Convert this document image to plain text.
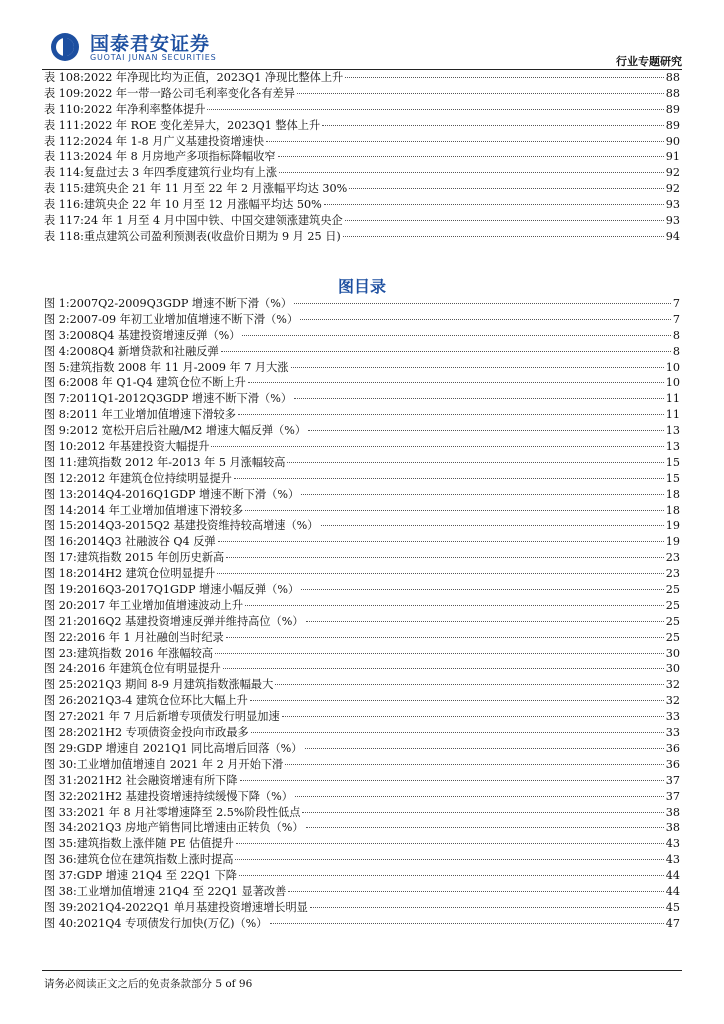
国泰君安证券
GUOTAI JUNAN SECURITIES	行业专题研究
表 108: 2022 年净现比均为正值，2023Q1 净现比整体上升	88
表 109: 2022 年一带一路公司毛利率变化各有差异	88
表 110: 2022 年净利率整体提升	89
表 111: 2022 年 ROE 变化差异大，2023Q1 整体上升	89
表 112: 2024 年 1-8 月广义基建投资增速快	90
表 113: 2024 年 8 月房地产多项指标降幅收窄	91
表 114: 复盘过去 3 年四季度建筑行业均有上涨	92
表 115: 建筑央企 21 年 11 月至 22 年 2 月涨幅平均达 30%	92
表 116: 建筑央企 22 年 10 月至 12 月涨幅平均达 50%	93
表 117: 24 年 1 月至 4 月中国中铁、中国交建领涨建筑央企	93
表 118: 重点建筑公司盈利预测表(收盘价日期为 9 月 25 日)	94
图目录
图 1: 2007Q2-2009Q3GDP 增速不断下滑（%）	7
图 2: 2007-09 年初工业增加值增速不断下滑（%）	7
图 3: 2008Q4 基建投资增速反弹（%）	8
图 4: 2008Q4 新增贷款和社融反弹	8
图 5: 建筑指数 2008 年 11 月-2009 年 7 月大涨	10
图 6: 2008 年 Q1-Q4 建筑仓位不断上升	10
图 7: 2011Q1-2012Q3GDP 增速不断下滑（%）	11
图 8: 2011 年工业增加值增速下滑较多	11
图 9: 2012 宽松开启后社融/M2 增速大幅反弹（%）	13
图 10: 2012 年基建投资大幅提升	13
图 11: 建筑指数 2012 年-2013 年 5 月涨幅较高	15
图 12: 2012 年建筑仓位持续明显提升	15
图 13: 2014Q4-2016Q1GDP 增速不断下滑（%）	18
图 14: 2014 年工业增加值增速下滑较多	18
图 15: 2014Q3-2015Q2 基建投资维持较高增速（%）	19
图 16: 2014Q3 社融波谷 Q4 反弹	19
图 17: 建筑指数 2015 年创历史新高	23
图 18: 2014H2 建筑仓位明显提升	23
图 19: 2016Q3-2017Q1GDP 增速小幅反弹（%）	25
图 20: 2017 年工业增加值增速波动上升	25
图 21: 2016Q2 基建投资增速反弹并维持高位（%）	25
图 22: 2016 年 1 月社融创当时纪录	25
图 23: 建筑指数 2016 年涨幅较高	30
图 24: 2016 年建筑仓位有明显提升	30
图 25: 2021Q3 期间 8-9 月建筑指数涨幅最大	32
图 26: 2021Q3-4 建筑仓位环比大幅上升	32
图 27: 2021 年 7 月后新增专项债发行明显加速	33
图 28: 2021H2 专项债资金投向市政最多	33
图 29: GDP 增速自 2021Q1 同比高增后回落（%）	36
图 30: 工业增加值增速自 2021 年 2 月开始下滑	36
图 31: 2021H2 社会融资增速有所下降	37
图 32: 2021H2 基建投资增速持续缓慢下降（%）	37
图 33: 2021 年 8 月社零增速降至 2.5%阶段性低点	38
图 34: 2021Q3 房地产销售同比增速由正转负（%）	38
图 35: 建筑指数上涨伴随 PE 估值提升	43
图 36: 建筑仓位在建筑指数上涨时提高	43
图 37: GDP 增速 21Q4 至 22Q1 下降	44
图 38: 工业增加值增速 21Q4 至 22Q1 显著改善	44
图 39: 2021Q4-2022Q1 单月基建投资增速增长明显	45
图 40: 2021Q4 专项债发行加快(万亿)（%）	47
请务必阅读正文之后的免责条款部分 5 of 96
